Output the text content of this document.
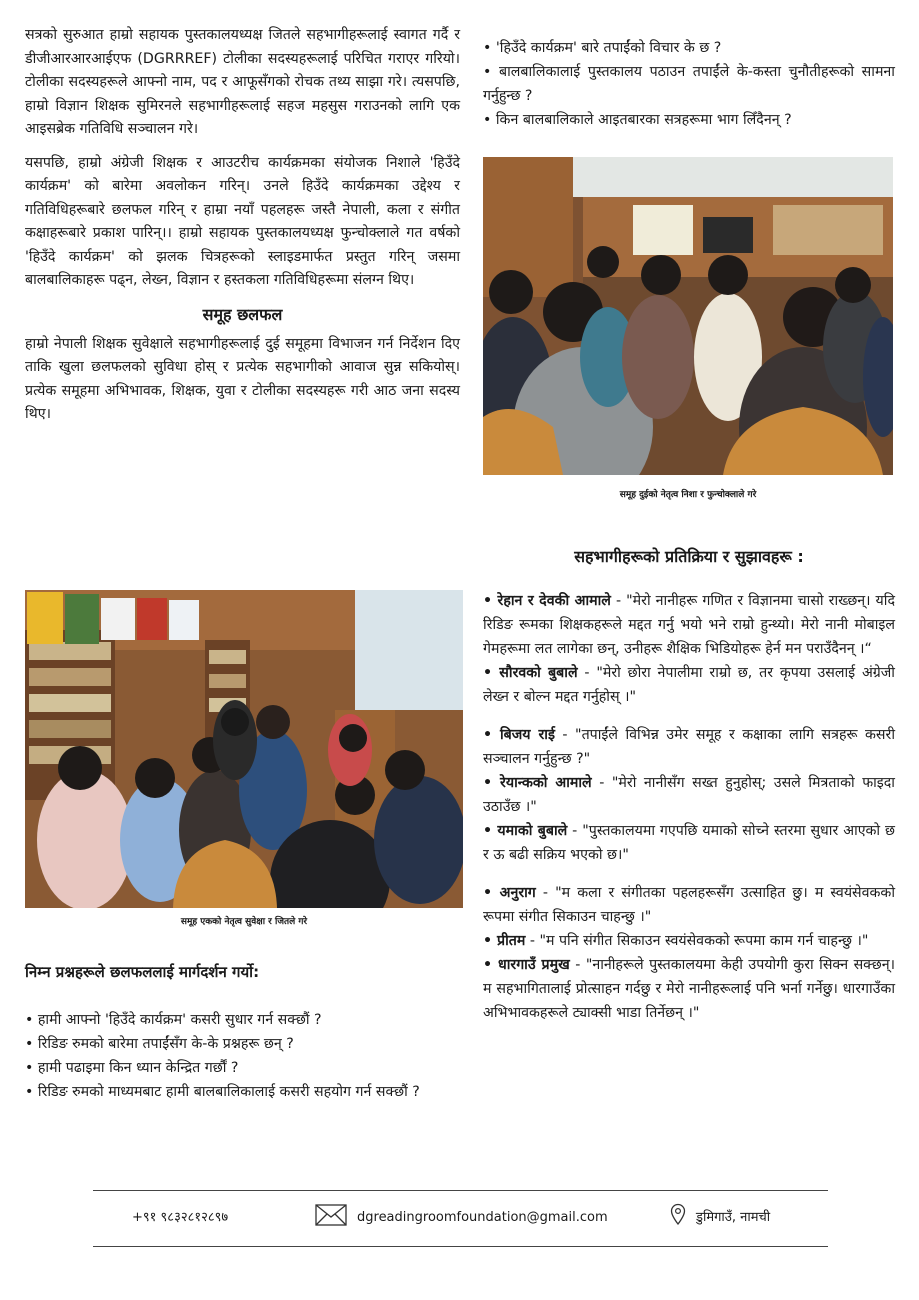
सत्रको सुरुआत हाम्रो सहायक पुस्तकालयध्यक्ष जितले सहभागीहरूलाई स्वागत गर्दै र डीजीआरआरआईएफ (DGRRREF) टोलीका सदस्यहरूलाई परिचित गराएर गरियो। टोलीका सदस्यहरूले आफ्नो नाम, पद र आफूसँगको रोचक तथ्य साझा गरे। त्यसपछि, हाम्रो विज्ञान शिक्षक सुमिरनले सहभागीहरूलाई सहज महसुस गराउनको लागि एक आइसब्रेक गतिविधि सञ्चालन गरे।

यसपछि, हाम्रो अंग्रेजी शिक्षक र आउटरीच कार्यक्रमका संयोजक निशाले 'हिउँदे कार्यक्रम' को बारेमा अवलोकन गरिन्। उनले हिउँदे कार्यक्रमका उद्देश्य र गतिविधिहरूबारे छलफल गरिन् र हाम्रा नयाँ पहलहरू जस्तै नेपाली, कला र संगीत कक्षाहरूबारे प्रकाश पारिन्।। हाम्रो सहायक पुस्तकालयध्यक्ष फुन्चोक्लाले गत वर्षको 'हिउँदे कार्यक्रम' को झलक चित्रहरूको स्लाइडमार्फत प्रस्तुत गरिन् जसमा बालबालिकाहरू पढ्न, लेख्न, विज्ञान र हस्तकला गतिविधिहरूमा संलग्न थिए।

समूह छलफल

हाम्रो नेपाली शिक्षक सुवेक्षाले सहभागीहरूलाई दुई समूहमा विभाजन गर्न निर्देशन दिए ताकि खुला छलफलको सुविधा होस् र प्रत्येक सहभागीको आवाज सुन्न सकियोस्। प्रत्येक समूहमा अभिभावक, शिक्षक, युवा र टोलीका सदस्यहरू गरी आठ जना सदस्य थिए।

समूह एकको नेतृत्व सुवेक्षा र जितले गरे
निम्न प्रश्नहरूले छलफललाई मार्गदर्शन गर्यो:
• हामी आफ्नो 'हिउँदे कार्यक्रम' कसरी सुधार गर्न सक्छौं ?
• रिडिङ रुमको बारेमा तपाईंसँग के-के प्रश्नहरू छन् ?
• हामी पढाइमा किन ध्यान केन्द्रित गर्छौं ?
• रिडिङ रुमको माध्यमबाट हामी बालबालिकालाई कसरी सहयोग गर्न सक्छौं ?
• 'हिउँदे कार्यक्रम' बारे तपाईंको विचार के छ ?
• बालबालिकालाई पुस्तकालय पठाउन तपाईंले के-कस्ता चुनौतीहरूको सामना गर्नुहुन्छ ?
• किन बालबालिकाले आइतबारका सत्रहरूमा भाग लिँदैनन् ?
समूह दुईको नेतृत्व निशा र फुन्चोक्लाले गरे
सहभागीहरूको प्रतिक्रिया र सुझावहरू :

• रेहान र देवकी आमाले - "मेरो नानीहरू गणित र विज्ञानमा चासो राख्छन्। यदि रिडिङ रूमका शिक्षकहरूले मद्दत गर्नु भयो भने राम्रो हुन्थ्यो। मेरो नानी मोबाइल गेमहरूमा लत लागेका छन्, उनीहरू शैक्षिक भिडियोहरू हेर्न मन पराउँदैनन् ।“

• सौरवको बुबाले - "मेरो छोरा नेपालीमा राम्रो छ, तर कृपया उसलाई अंग्रेजी लेख्न र बोल्न मद्दत गर्नुहोस् ।"

• बिजय राई - "तपाईंले विभिन्न उमेर समूह र कक्षाका लागि सत्रहरू कसरी सञ्चालन गर्नुहुन्छ ?"

• रेयान्कको आमाले - "मेरो नानीसँग सख्त हुनुहोस्; उसले मित्रताको फाइदा उठाउँछ ।"

• यमाको बुबाले - "पुस्तकालयमा गएपछि यमाको सोच्ने स्तरमा सुधार आएको छ र ऊ बढी सक्रिय भएको छ।"

• अनुराग - "म कला र संगीतका पहलहरूसँग उत्साहित छु। म स्वयंसेवकको रूपमा संगीत सिकाउन चाहन्छु ।"

• प्रीतम - "म पनि संगीत सिकाउन स्वयंसेवकको रूपमा काम गर्न चाहन्छु ।"

• धारगाउँ प्रमुख - "नानीहरूले पुस्तकालयमा केही उपयोगी कुरा सिक्न सक्छन्। म सहभागितालाई प्रोत्साहन गर्दछु र मेरो नानीहरूलाई पनि भर्ना गर्नेछु। धारगाउँका अभिभावकहरूले ट्याक्सी भाडा तिर्नेछन् ।"

+९१ ९८३२८१२८९७	dgreadingroomfoundation@gmail.com	डुमिगाउँ, नामची
